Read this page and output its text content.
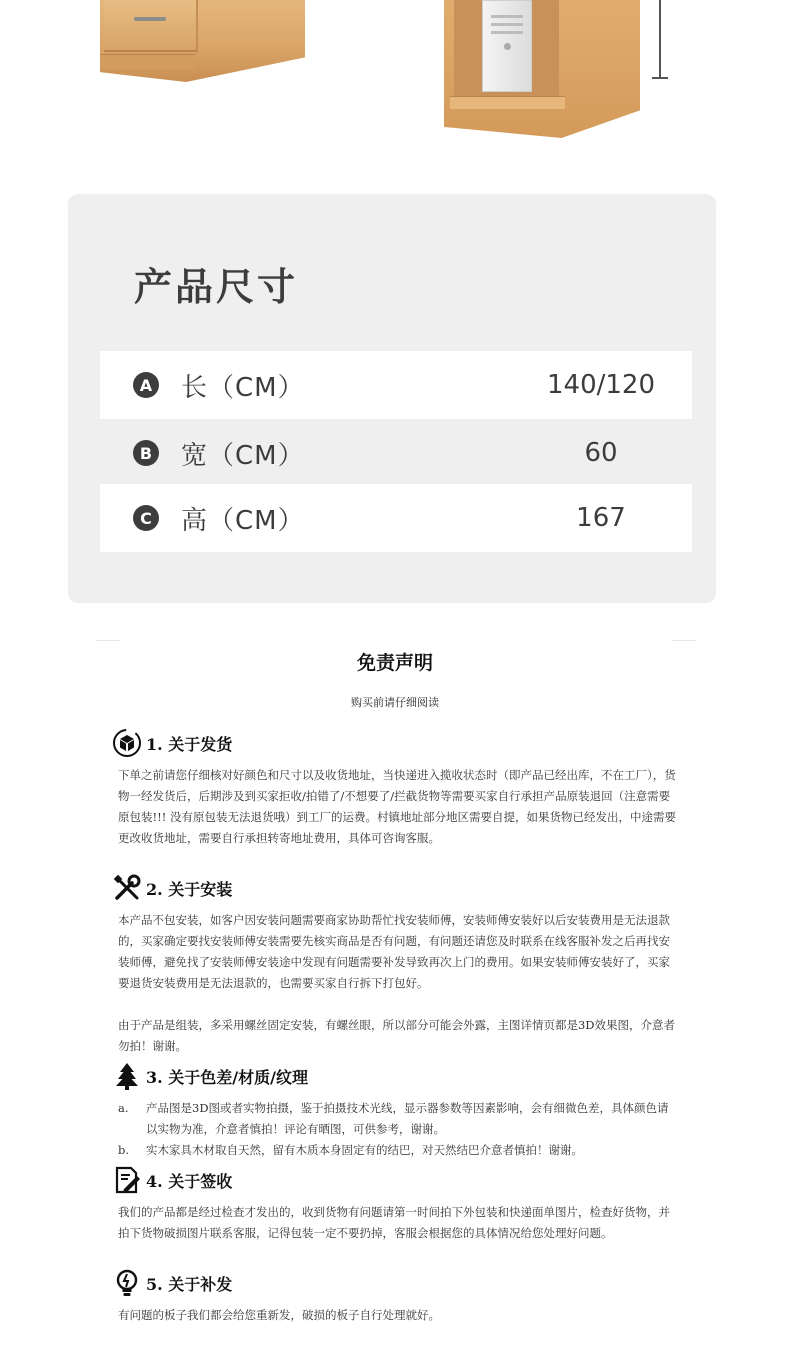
产品尺寸
A 长（CM）	140/120
B 宽（CM）	60
C 高（CM）	167
免责声明
购买前请仔细阅读
1. 关于发货

下单之前请您仔细核对好颜色和尺寸以及收货地址，当快递进入揽收状态时（即产品已经出库，不在工厂），货物一经发货后，后期涉及到买家拒收/拍错了/不想要了/拦截货物等需要买家自行承担产品原装退回（注意需要原包装!!! 没有原包装无法退货哦）到工厂的运费。村镇地址部分地区需要自提，如果货物已经发出，中途需要更改收货地址，需要自行承担转寄地址费用，具体可咨询客服。

2. 关于安装

本产品不包安装，如客户因安装问题需要商家协助帮忙找安装师傅，安装师傅安装好以后安装费用是无法退款的，买家确定要找安装师傅安装需要先核实商品是否有问题，有问题还请您及时联系在线客服补发之后再找安装师傅，避免找了安装师傅安装途中发现有问题需要补发导致再次上门的费用。如果安装师傅安装好了，买家要退货安装费用是无法退款的，也需要买家自行拆下打包好。

由于产品是组装，多采用螺丝固定安装，有螺丝眼，所以部分可能会外露，主图详情页都是3D效果图，介意者勿拍！谢谢。

3. 关于色差/材质/纹理
a.	产品图是3D图或者实物拍摄，鉴于拍摄技术光线，显示器参数等因素影响，会有细微色差，具体颜色请以实物为准，介意者慎拍！评论有晒图，可供参考，谢谢。
b.	实木家具木材取自天然，留有木质本身固定有的结巴，对天然结巴介意者慎拍！谢谢。
4. 关于签收

我们的产品都是经过检查才发出的，收到货物有问题请第一时间拍下外包装和快递面单图片，检查好货物，并拍下货物破损图片联系客服，记得包装一定不要扔掉，客服会根据您的具体情况给您处理好问题。

5. 关于补发

有问题的板子我们都会给您重新发，破损的板子自行处理就好。
